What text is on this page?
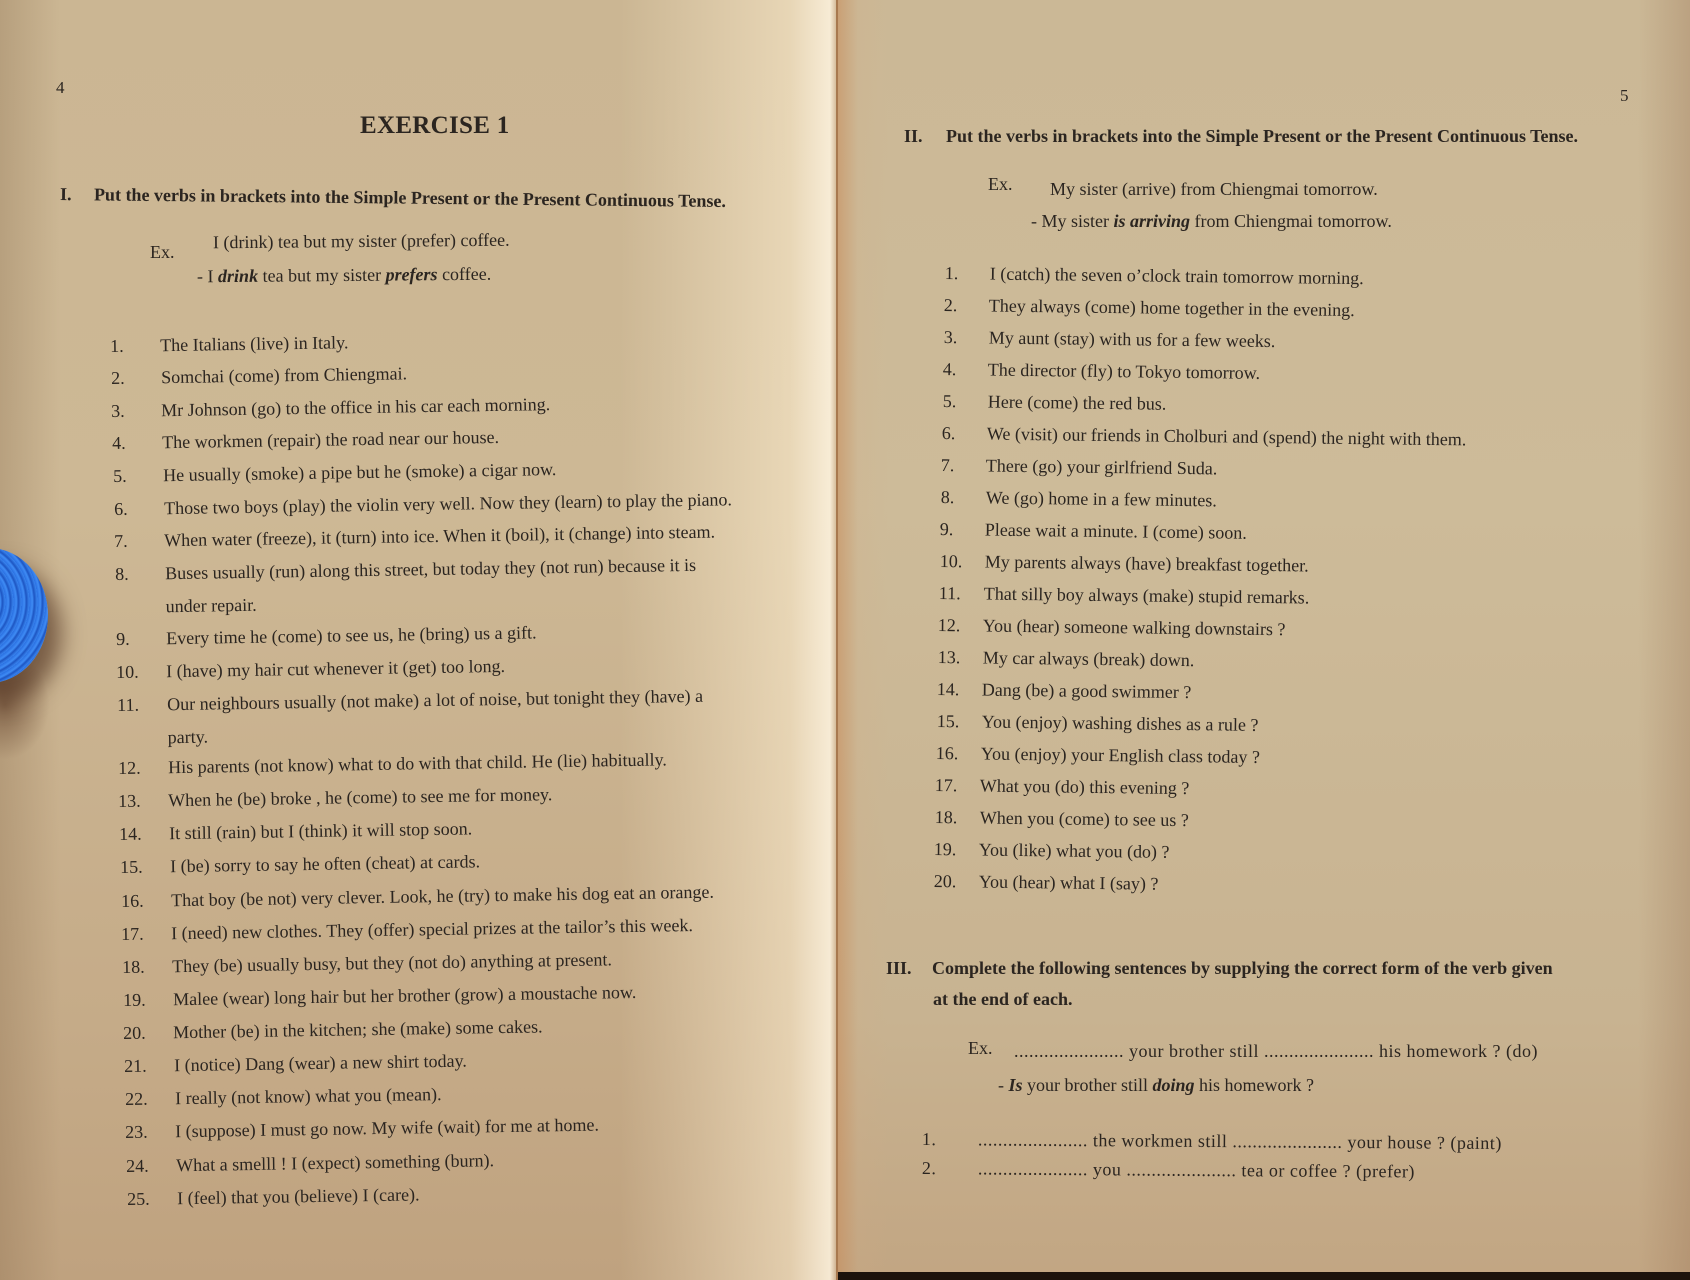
4
EXERCISE 1
I. Put the verbs in brackets into the Simple Present or the Present Continuous Tense.
Ex. I (drink) tea but my sister (prefer) coffee.
- I drink tea but my sister prefers coffee.
1.	The Italians (live) in Italy.
2.	Somchai (come) from Chiengmai.
3.	Mr Johnson (go) to the office in his car each morning.
4.	The workmen (repair) the road near our house.
5.	He usually (smoke) a pipe but he (smoke) a cigar now.
6.	Those two boys (play) the violin very well. Now they (learn) to play the piano.
7.	When water (freeze), it (turn) into ice. When it (boil), it (change) into steam.
8.	Buses usually (run) along this street, but today they (not run) because it is
under repair.
9.	Every time he (come) to see us, he (bring) us a gift.
10.	I (have) my hair cut whenever it (get) too long.
11.	Our neighbours usually (not make) a lot of noise, but tonight they (have) a
party.
12.	His parents (not know) what to do with that child. He (lie) habitually.
13.	When he (be) broke , he (come) to see me for money.
14.	It still (rain) but I (think) it will stop soon.
15.	I (be) sorry to say he often (cheat) at cards.
16.	That boy (be not) very clever. Look, he (try) to make his dog eat an orange.
17.	I (need) new clothes. They (offer) special prizes at the tailor’s this week.
18.	They (be) usually busy, but they (not do) anything at present.
19.	Malee (wear) long hair but her brother (grow) a moustache now.
20.	Mother (be) in the kitchen; she (make) some cakes.
21.	I (notice) Dang (wear) a new shirt today.
22.	I really (not know) what you (mean).
23.	I (suppose) I must go now. My wife (wait) for me at home.
24.	What a smelll ! I (expect) something (burn).
25.	I (feel) that you (believe) I (care).
5
II. Put the verbs in brackets into the Simple Present or the Present Continuous Tense.
Ex. My sister (arrive) from Chiengmai tomorrow.
- My sister is arriving from Chiengmai tomorrow.
1.	I (catch) the seven o’clock train tomorrow morning.
2.	They always (come) home together in the evening.
3.	My aunt (stay) with us for a few weeks.
4.	The director (fly) to Tokyo tomorrow.
5.	Here (come) the red bus.
6.	We (visit) our friends in Cholburi and (spend) the night with them.
7.	There (go) your girlfriend Suda.
8.	We (go) home in a few minutes.
9.	Please wait a minute. I (come) soon.
10.	My parents always (have) breakfast together.
11.	That silly boy always (make) stupid remarks.
12.	You (hear) someone walking downstairs ?
13.	My car always (break) down.
14.	Dang (be) a good swimmer ?
15.	You (enjoy) washing dishes as a rule ?
16.	You (enjoy) your English class today ?
17.	What you (do) this evening ?
18.	When you (come) to see us ?
19.	You (like) what you (do) ?
20.	You (hear) what I (say) ?
III. Complete the following sentences by supplying the correct form of the verb given
at the end of each.
Ex. ...................... your brother still ...................... his homework ? (do)
- Is your brother still doing his homework ?
1.	...................... the workmen still ...................... your house ? (paint)
2.	...................... you ...................... tea or coffee ? (prefer)
